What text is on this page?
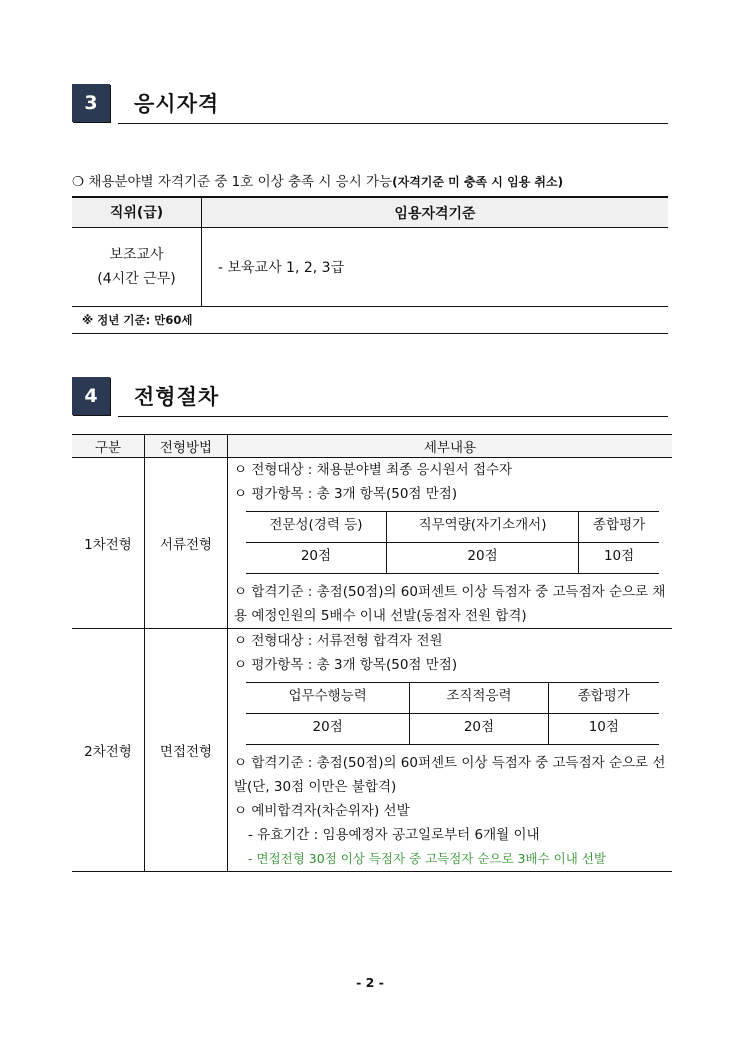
3	응시자격
❍ 채용분야별 자격기준 중 1호 이상 충족 시 응시 가능(자격기준 미 충족 시 임용 취소)
직위(급)	임용자격기준

보조교사
(4시간 근무)	- 보육교사 1, 2, 3급
※ 정년 기준: 만60세	
4	전형절차
구분	전형방법	세부내용
1차전형	서류전형	
ㅇ 전형대상 : 채용분야별 최종 응시원서 접수자
ㅇ 평가항목 : 총 3개 항목(50점 만점)
전문성(경력 등)	직무역량(자기소개서)	종합평가
20점	20점	10점
ㅇ 합격기준 : 총점(50점)의 60퍼센트 이상 득점자 중 고득점자 순으로 채용 예정인원의 5배수 이내 선발(동점자 전원 합격)

2차전형	면접전형	
ㅇ 전형대상 : 서류전형 합격자 전원
ㅇ 평가항목 : 총 3개 항목(50점 만점)
업무수행능력	조직적응력	종합평가
20점	20점	10점
ㅇ 합격기준 : 총점(50점)의 60퍼센트 이상 득점자 중 고득점자 순으로 선발(단, 30점 이만은 불합격)
ㅇ 예비합격자(차순위자) 선발
- 유효기간 : 임용예정자 공고일로부터 6개월 이내
- 면접전형 30점 이상 득점자 중 고득점자 순으로 3배수 이내 선발
- 2 -
